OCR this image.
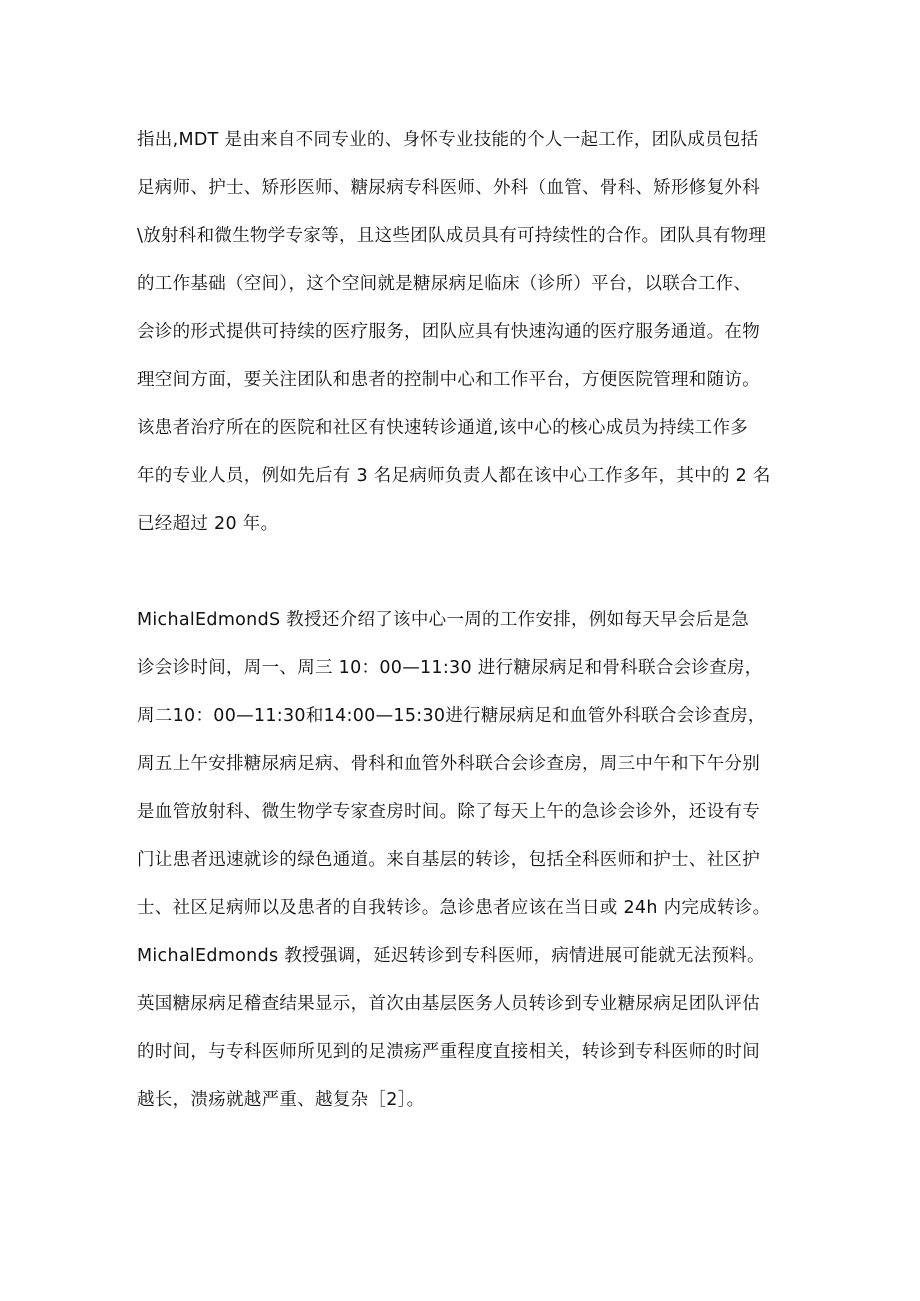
指出,MDT 是由来自不同专业的、身怀专业技能的个人一起工作，团队成员包括
足病师、护士、矫形医师、糖尿病专科医师、外科（血管、骨科、矫形修复外科
\放射科和微生物学专家等，且这些团队成员具有可持续性的合作。团队具有物理
的工作基础（空间），这个空间就是糖尿病足临床（诊所）平台，以联合工作、
会诊的形式提供可持续的医疗服务，团队应具有快速沟通的医疗服务通道。在物
理空间方面，要关注团队和患者的控制中心和工作平台，方便医院管理和随访。
该患者治疗所在的医院和社区有快速转诊通道,该中心的核心成员为持续工作多
年的专业人员，例如先后有 3 名足病师负责人都在该中心工作多年，其中的 2 名
已经超过 20 年。
MichalEdmondS 教授还介绍了该中心一周的工作安排，例如每天早会后是急
诊会诊时间，周一、周三 10：00—11:30 进行糖尿病足和骨科联合会诊查房，
周二10：00—11:30和14:00—15:30进行糖尿病足和血管外科联合会诊查房，
周五上午安排糖尿病足病、骨科和血管外科联合会诊查房，周三中午和下午分别
是血管放射科、微生物学专家查房时间。除了每天上午的急诊会诊外，还设有专
门让患者迅速就诊的绿色通道。来自基层的转诊，包括全科医师和护士、社区护
士、社区足病师以及患者的自我转诊。急诊患者应该在当日或 24h 内完成转诊。
MichalEdmonds 教授强调，延迟转诊到专科医师，病情进展可能就无法预料。
英国糖尿病足稽查结果显示，首次由基层医务人员转诊到专业糖尿病足团队评估
的时间，与专科医师所见到的足溃疡严重程度直接相关，转诊到专科医师的时间
越长，溃疡就越严重、越复杂［2］。
